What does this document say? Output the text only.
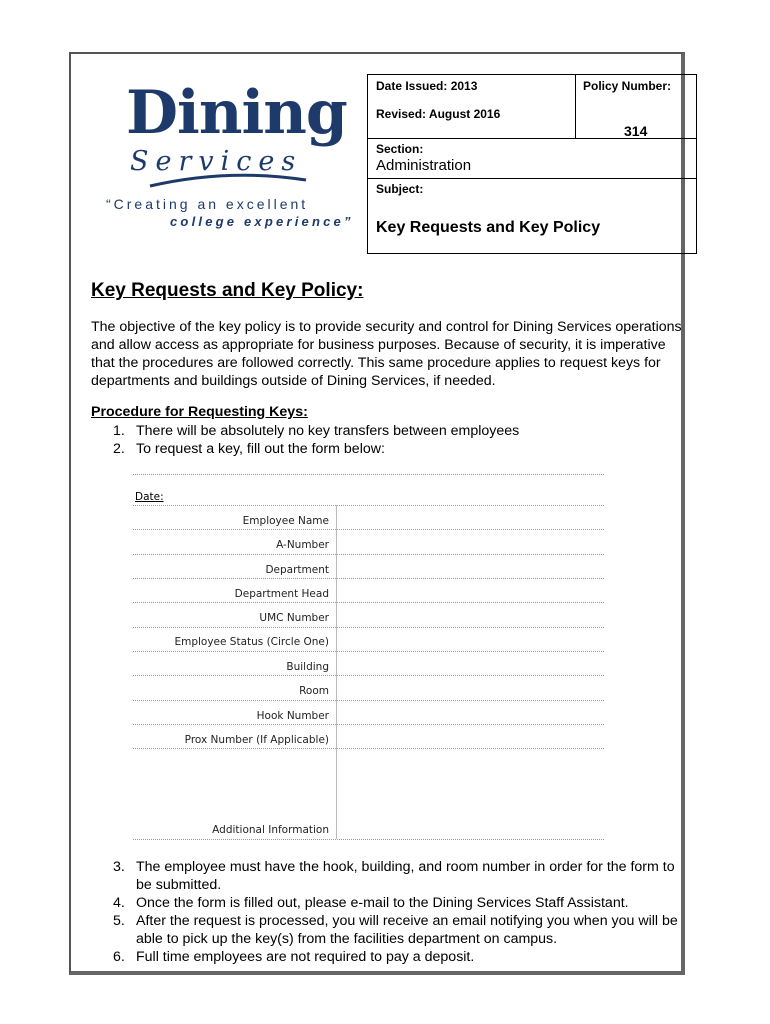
Dining
Services
“Creating an excellent
college experience”
Date Issued: 2013
Revised: August 2016
Policy Number:
314
Section:
Administration
Subject:
Key Requests and Key Policy
Key Requests and Key Policy:
The objective of the key policy is to provide security and control for Dining Services operations and allow access as appropriate for business purposes. Because of security, it is imperative that the procedures are followed correctly. This same procedure applies to request keys for departments and buildings outside of Dining Services, if needed.
Procedure for Requesting Keys:
1. There will be absolutely no key transfers between employees
2. To request a key, fill out the form below:
Date:
Employee Name
A-Number
Department
Department Head
UMC Number
Employee Status (Circle One)
Building
Room
Hook Number
Prox Number (If Applicable)
Additional Information
3. The employee must have the hook, building, and room number in order for the form to be submitted.
4. Once the form is filled out, please e-mail to the Dining Services Staff Assistant.
5. After the request is processed, you will receive an email notifying you when you will be able to pick up the key(s) from the facilities department on campus.
6. Full time employees are not required to pay a deposit.
